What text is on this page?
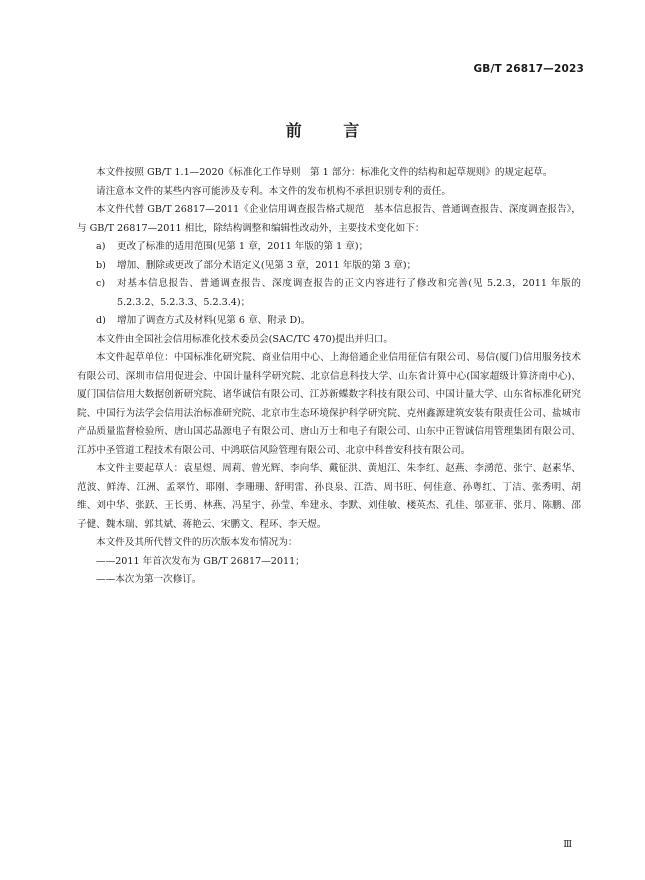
GB/T 26817—2023
前 言

本文件按照 GB/T 1.1—2020《标准化工作导则　第 1 部分：标准化文件的结构和起草规则》的规定起草。

请注意本文件的某些内容可能涉及专利。本文件的发布机构不承担识别专利的责任。

本文件代替 GB/T 26817—2011《企业信用调查报告格式规范　基本信息报告、普通调查报告、深度调查报告》，与 GB/T 26817—2011 相比，除结构调整和编辑性改动外，主要技术变化如下：

a) 更改了标准的适用范围(见第 1 章，2011 年版的第 1 章)；
b) 增加、删除或更改了部分术语定义(见第 3 章，2011 年版的第 3 章)；
c) 对基本信息报告、普通调查报告、深度调查报告的正文内容进行了修改和完善(见 5.2.3，2011 年版的 5.2.3.2、5.2.3.3、5.2.3.4)；
d) 增加了调查方式及材料(见第 6 章、附录 D)。

本文件由全国社会信用标准化技术委员会(SAC/TC 470)提出并归口。

本文件起草单位：中国标准化研究院、商业信用中心、上海倍通企业信用征信有限公司、易信(厦门)信用服务技术有限公司、深圳市信用促进会、中国计量科学研究院、北京信息科技大学、山东省计算中心(国家超级计算济南中心)、厦门国信信用大数据创新研究院、诸华诚信有限公司、江苏新蝶数字科技有限公司、中国计量大学、山东省标准化研究院、中国行为法学会信用法治标准研究院、北京市生态环境保护科学研究院、克州鑫源建筑安装有限责任公司、盐城市产品质量监督检验所、唐山国芯晶源电子有限公司、唐山万士和电子有限公司、山东中正智诚信用管理集团有限公司、江苏中圣管道工程技术有限公司、中鸿联信风险管理有限公司、北京中科普安科技有限公司。

本文件主要起草人：袁星煜、周莉、曾光辉、李向华、戴征洪、黄旭江、朱李红、赵燕、李湧范、张宁、赵素华、范波、鲜涛、江洲、孟翠竹、耶刚、李珊珊、舒明雷、孙良泉、江浩、周书旺、何佳意、孙粤红、丁洁、张秀明、胡维、刘中华、张跃、王长勇、林燕、冯星宇、孙莹、牟建永、李默、刘佳敏、楼英杰、孔佳、邬亚菲、张月、陈鹏、邵子健、魏木瑞、郭其斌、蒋艳云、宋鹏文、程环、李天煜。

本文件及其所代替文件的历次版本发布情况为：

——2011 年首次发布为 GB/T 26817—2011；
——本次为第一次修订。
Ⅲ
